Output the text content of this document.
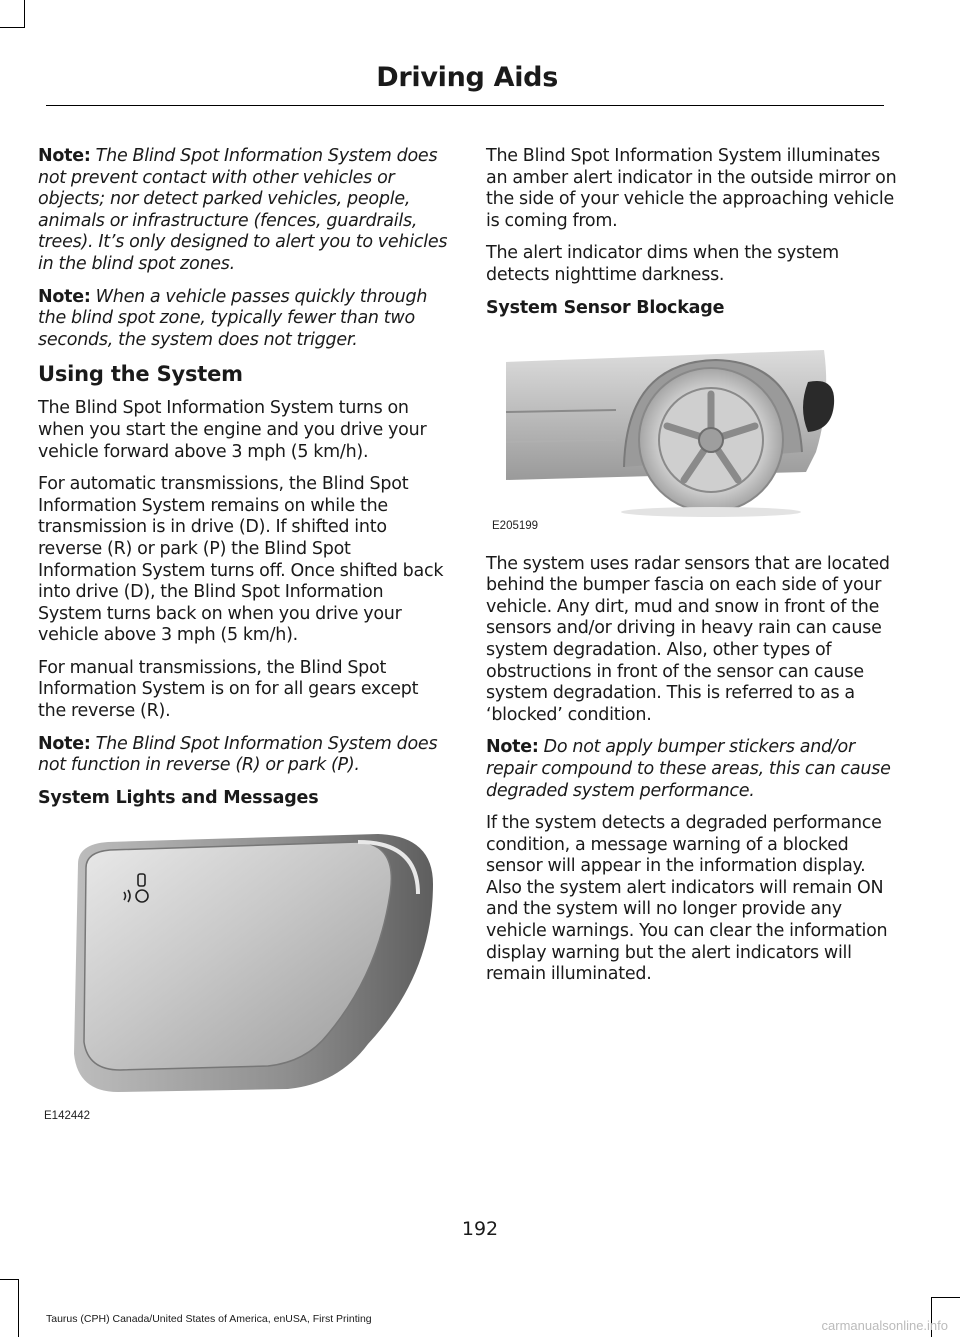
Driving Aids

Note: The Blind Spot Information System does not prevent contact with other vehicles or objects; nor detect parked vehicles, people, animals or infrastructure (fences, guardrails, trees). It’s only designed to alert you to vehicles in the blind spot zones.

Note: When a vehicle passes quickly through the blind spot zone, typically fewer than two seconds, the system does not trigger.

Using the System

The Blind Spot Information System turns on when you start the engine and you drive your vehicle forward above 3 mph (5 km/h).

For automatic transmissions, the Blind Spot Information System remains on while the transmission is in drive (D). If shifted into reverse (R) or park (P) the Blind Spot Information System turns off. Once shifted back into drive (D), the Blind Spot Information System turns back on when you drive your vehicle above 3 mph (5 km/h).

For manual transmissions, the Blind Spot Information System is on for all gears except the reverse (R).

Note: The Blind Spot Information System does not function in reverse (R) or park (P).

System Lights and Messages
E142442

The Blind Spot Information System illuminates an amber alert indicator in the outside mirror on the side of your vehicle the approaching vehicle is coming from.

The alert indicator dims when the system detects nighttime darkness.

System Sensor Blockage
E205199

The system uses radar sensors that are located behind the bumper fascia on each side of your vehicle. Any dirt, mud and snow in front of the sensors and/or driving in heavy rain can cause system degradation. Also, other types of obstructions in front of the sensor can cause system degradation. This is referred to as a ‘blocked’ condition.

Note: Do not apply bumper stickers and/or repair compound to these areas, this can cause degraded system performance.

If the system detects a degraded performance condition, a message warning of a blocked sensor will appear in the information display. Also the system alert indicators will remain ON and the system will no longer provide any vehicle warnings. You can clear the information display warning but the alert indicators will remain illuminated.

192
Taurus (CPH) Canada/United States of America, enUSA, First Printing	carmanualsonline.info
